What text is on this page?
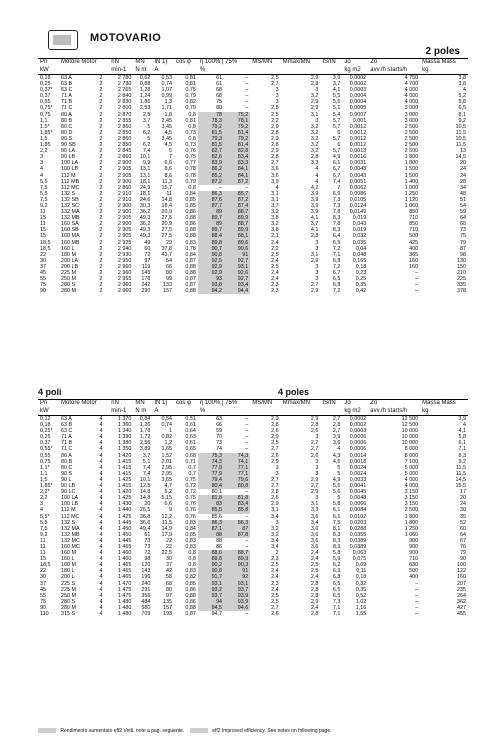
MOTOVARIO
2 poles
Pn	Motore Motor		nN	MN	IN 1)	cos φ	η 100% | 75%		MS/MN	Mmax/MN	IS/IN	Jo	Zo	Massa Mass
kW			min-1	N m	A		%					kg m2	avv./h starts/h	kg
0,18	63 A	2	2 780	0,62	0,53	0,81	61	–	2,5	2,9	3,9	0,0002	4 750	3,8
0,25	63 B	2	2 730	0,88	0,74	0,81	61	–	2,7	2,8	3,7	0,0002	4 700	3,8
0,37*	63 C	2	2 765	1,28	1,07	0,75	68	–	3	3	4,1	0,0003	4 000	4
0,37	71 A	2	2 840	1,24	0,99	0,79	68	–	3	3,2	5,5	0,0004	4 000	5,2
0,55	71 B	2	2 830	1,86	1,3	0,82	75	–	3	2,9	5,6	0,0004	4 000	5,8
0,75*	71 C	2	2 800	2,53	1,71	0,79	80	–	2,8	2,9	5,1	0,0005	3 000	6,5
0,75	80 A	2	2 870	2,5	1,8	0,8	78	75,2	2,5	3,1	5,4	0,0007	3 000	8,1
1,1	80 B	2	2 855	3,7	2,45	0,81	78,3	78,1	2,2	3	5,7	0,001	3 000	9,2
1,5*	80 C	2	2 860	5	3,45	0,8	79,2	79,2	2,9	3,2	5,7	0,0012	2 500	10,5
1,85*	80 D	2	2 850	6,2	4,5	0,73	81,5	81,4	2,8	3,2	6	0,0012	2 500	11,5
1,5	90 S	2	2 860	5	3,45	0,8	79,3	79,2	2,9	3,2	5,7	0,0012	2 500	10,5
1,85	90 SB	2	2 850	6,2	4,5	0,73	81,5	81,4	2,8	3,2	6	0,0012	2 500	11,5
2,2	90 LA	2	2 845	7,4	5	0,76	82,7	82,8	2,9	3,2	5,7	0,0013	2 500	13
3	90 LB	2	2 860	10,1	7	0,75	82,6	83,4	2,8	2,8	4,9	0,0016	1 800	14,5
3	100 LA	2	2 900	9,9	6,6	0,77	83,9	83,3	2,7	3,3	6,1	0,0031	1 800	20
4	100 LB	2	2 905	13,1	8,6	0,78	86,2	84,1	3,6	4	6,7	0,0043	1 500	24
4	112 M	2	2 905	13,1	8,6	0,78	85,2	84,1	3,6	4	6,7	0,0043	1 500	24
5,5	112 MB	2	2 900	18,1	11,3	0,79	87,2	87,2	3,9	4	7,4	0,0051	1 400	28
7,5	112 MC	2	2 860	24,9	15,7	0,8	–	–	4	4,2	7	0,0062	1 000	34
5,5	132 S	2	2 910	18,1	11	0,84	86,3	85,7	3,1	3,9	6,9	0,0086	1 250	48
7,5	132 SB	2	2 910	24,6	14,8	0,85	87,6	87,2	3,1	3,9	7,3	0,0105	1 120	51
9,2	132 SC	2	2 900	30,3	18,4	0,85	87,7	87,4	3,7	3,9	7,3	0,0124	1 060	54
11	132 MA	2	2 900	36,2	20,9	0,86	89	88,7	3,2	3,9	7,8	0,0149	850	59
15	132 MB	2	2 905	49,3	27,5	0,88	89,7	89,9	3,8	4,1	8,3	0,019	710	64
11	160 SA	2	2 900	36,2	20,9	0,86	89	88,7	3,2	3,7	7,8	0,043	850	68
15	160 SB	2	2 905	49,3	27,5	0,88	89,7	89,9	3,8	4,1	8,3	0,019	710	73
15	160 MA	2	2 905	49,3	27,5	0,88	88,4	88,1	2,1	2,8	6,4	0,032	500	75
18,5	160 MB	2	2 925	49	29	0,83	89,8	89,6	2,4	3	6,5	0,035	425	79
18,5	160 L	2	2 940	60	37,8	0,78	90,7	90,6	2,2	3	7,2	0,04	400	87
22	180 M	2	2 930	72	41,7	0,84	90,8	91	2,5	3,1	7,1	0,048	365	98
30	200 LA	2	2 950	97	54	0,87	92,5	92,7	2,4	2,9	6,8	0,165	160	130
37	200 LB	2	2 960	119	66	0,88	92,9	93,1	2,5	3	7,2	0,18	160	150
45	225 M	2	2 960	145	80	0,88	92,9	92,6	2,4	3	6,7	0,23	–	210
55	250 M	2	2 955	178	99	0,87	93	92,7	2,4	3	6,5	0,25	–	225
75	280 S	2	2 960	242	133	0,87	93,8	93,4	2,3	2,7	6,8	0,35	–	335
90	280 M	2	2 960	290	157	0,88	94,2	94,4	2,3	2,9	7,2	0,42	–	378
4 poli	4 poles
Pn	Motore Motor		nN	MN	IN 1)	cos φ	η 100% | 75%		MS/MN	Mmax/MN	IS/IN	Jo	Zo	Massa Mass
kW			min-1	N m	A		%					kg m2	avv./h starts/h	kg
0,12	63 A	4	1 370	0,84	0,54	0,51	63	–	2,9	2,9	2,7	0,0002	12 500	3,9
0,18	63 B	4	1 360	1,26	0,74	0,61	66	–	2,8	2,8	2,8	0,0002	12 500	4
0,25*	63 C	4	1 340	1,78	1	0,64	59	–	2,6	2,6	2,7	0,0003	10 000	4,1
0,25	71 A	4	1 390	1,72	0,82	0,63	70	–	2,9	3	3,9	0,0006	10 000	5,8
0,37	71 B	4	1 380	2,56	1,2	0,61	73	–	2,5	2,7	3,6	0,0006	10 000	6,1
0,55*	71 C	4	1 350	3,89	1,65	0,65	74	–	2,7	2,7	4	0,0006	8 000	7,1
0,55	80 A	4	1 420	3,7	1,52	0,68	75,3	74,3	2,6	2,6	4,3	0,0014	8 000	8,3
0,75	80 B	4	1 415	5,1	2,01	0,71	74,3	74,1	2,9	3	4,6	0,0018	7 100	9,2
1,1*	80 C	4	1 415	7,4	2,95	0,7	77,9	77,1	3	3	5	0,0024	5 000	11,5
1,1	90 S	4	1 415	7,4	2,95	0,7	77,9	77,1	3	3	5	0,0024	5 000	11,5
1,5	90 L	4	1 425	10,1	3,65	0,75	79,4	79,6	2,7	2,9	4,9	0,0033	4 000	14,5
1,85*	90 LB	4	1 415	12,5	4,7	0,72	80,4	80,8	2,7	2,7	5,6	0,0041	4 000	15,5
2,2*	90 LC	4	1 420	14,8	5,2	0,72	80,1	–	2,8	2,9	5,6	0,0045	3 150	17
2,2	100 LA	4	1 425	14,8	5,15	0,75	81,8	81,8	2,6	3	5	0,0048	3 150	20
3	100 LB	4	1 430	20	6,6	0,76	83	83,4	2,9	3,1	5,8	0,0066	3 150	24
4	112 M	4	1 440	26,5	9	0,76	85,5	85,8	3,1	3,3	6,1	0,0084	2 500	30
5,5*	112 MC	4	1 425	36,8	12,2	0,76	85,6	–	3,4	3,6	6,1	0,0102	1 800	35
5,5	132 S	4	1 445	36,6	11,5	0,83	86,3	86,3	3	3,4	7,5	0,0203	1 800	52
7,5	132 MA	4	1 450	49,4	14,9	0,84	87,1	87	3,2	3,6	8,1	0,0288	1 250	60
9,2	132 MB	4	1 450	61	17,9	0,85	88	87,8	3,2	3,6	8,3	0,0355	1 060	64
11	132 MC	4	1 445	73	22	0,83	88	–	3,4	3,6	8,3	0,0389	900	67
11	160 MC	4	1 465	73	22	0,83	86	–	3,4	3,6	8,3	0,0389	900	76
11	160 M	4	1 460	72	22,5	0,8	88,6	88,7	2	2,4	5,8	0,063	900	79
15	160 L	4	1 460	98	30	0,8	89,8	89,9	2,3	2,4	5,9	0,075	710	90
18,5	180 M	4	1 465	120	37	0,8	90,2	90,3	2,5	2,5	6,2	0,09	630	100
22	180 L	4	1 465	143	42	0,83	90,8	91	2,4	2,5	6,3	0,11	500	122
30	200 L	4	1 465	196	58	0,82	91,7	92	2,4	2,4	6,8	0,18	400	160
37	225 S	4	1 470	240	68	0,85	93,1	93,1	2,3	2,8	6,5	0,32	–	207
45	225 M	4	1 475	291	80	0,86	93,2	93,7	2,4	2,8	6,5	0,35	–	235
55	250 M	4	1 475	356	97	0,88	93,7	93,9	2,5	2,8	6,5	0,52	–	264
75	280 S	4	1 480	484	135	0,86	94	93,9	2,5	2,9	7,3	1,02	–	362
90	280 M	4	1 480	580	157	0,88	94,5	94,6	2,7	2,4	7,1	1,16	–	427
110	315 S	4	1 480	709	193	0,87	94,7	–	2,6	2,8	7,1	1,55	–	455
Rendimento aumentato eff2 Vedi. note a pag. seguente.	eff2 Improved efficiency. See notes on following page.
